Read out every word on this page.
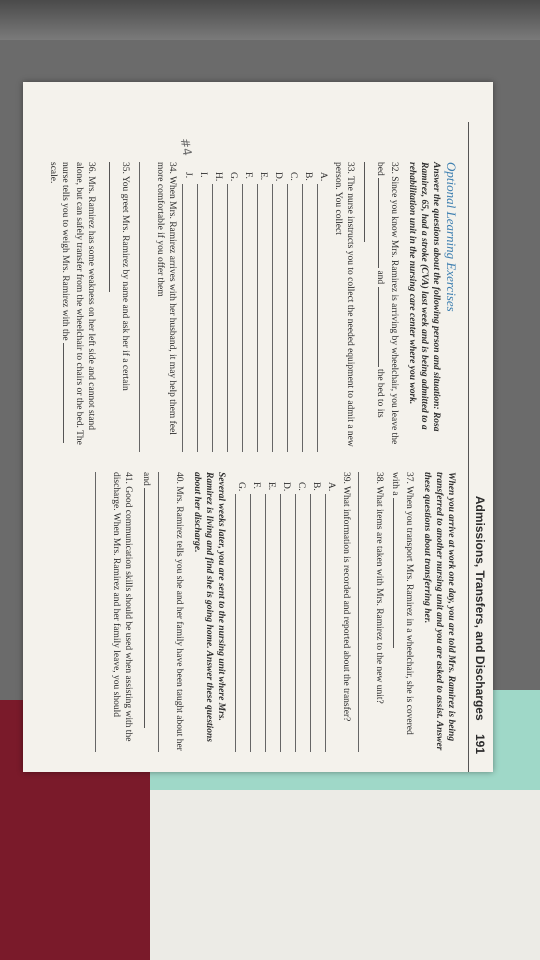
Admissions, Transfers, and Discharges 191
#4
Optional Learning Exercises

Answer the questions about the following person and situation: Rosa Ramirez, 65, had a stroke (CVA) last week and is being admitted to a rehabilitation unit in the nursing care center where you work.

32. Since you know Mrs. Ramirez is arriving by wheelchair, you leave the bed  and  the bed to its
33. The nurse instructs you to collect the needed equipment to admit a new person. You collect
A.
B.
C.
D.
E.
F.
G.
H.
I.
J.
34. When Mrs. Ramirez arrives with her husband, it may help them feel more comfortable if you offer them
35. You greet Mrs. Ramirez by name and ask her if a certain
36. Mrs. Ramirez has some weakness on her left side and cannot stand alone, but can safely transfer from the wheelchair to chairs or the bed. The nurse tells you to weigh Mrs. Ramirez with the  scale.

When you arrive at work one day, you are told Mrs. Ramirez is being transferred to another nursing unit and you are asked to assist. Answer these questions about transferring her.

37. When you transport Mrs. Ramirez in a wheelchair, she is covered with a
38. What items are taken with Mrs. Ramirez to the new unit?
39. What information is recorded and reported about the transfer?
A.
B.
C.
D.
E.
F.
G.

Several weeks later, you are sent to the nursing unit where Mrs. Ramirez is living and find she is going home. Answer these questions about her discharge.

40. Mrs. Ramirez tells you she and her family have been taught about her
and
41. Good communication skills should be used when assisting with the discharge. When Mrs. Ramirez and her family leave, you should
